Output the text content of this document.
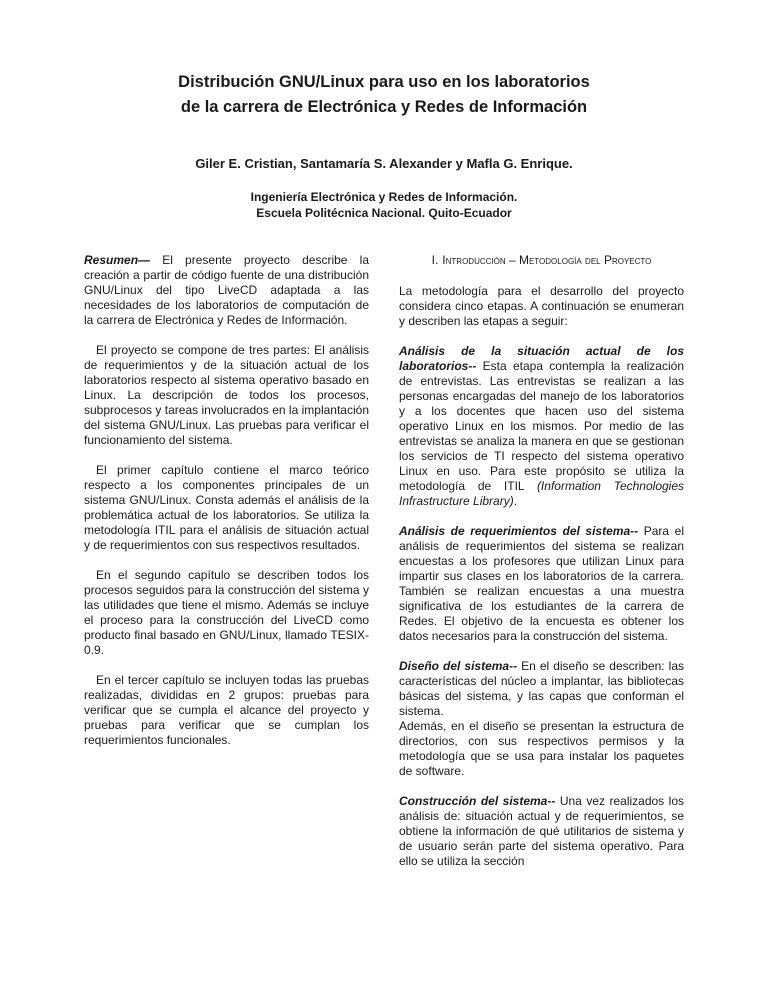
Distribución GNU/Linux para uso en los laboratorios
de la carrera de Electrónica y Redes de Información
Giler E. Cristian, Santamaría S. Alexander y Mafla G. Enrique.
Ingeniería Electrónica y Redes de Información.
Escuela Politécnica Nacional. Quito-Ecuador

Resumen— El presente proyecto describe la creación a partir de código fuente de una distribución GNU/Linux del tipo LiveCD adaptada a las necesidades de los laboratorios de computación de la carrera de Electrónica y Redes de Información.

El proyecto se compone de tres partes: El análisis de requerimientos y de la situación actual de los laboratorios respecto al sistema operativo basado en Linux. La descripción de todos los procesos, subprocesos y tareas involucrados en la implantación del sistema GNU/Linux. Las pruebas para verificar el funcionamiento del sistema.

El primer capítulo contiene el marco teórico respecto a los componentes principales de un sistema GNU/Linux. Consta además el análisis de la problemática actual de los laboratorios. Se utiliza la metodología ITIL para el análisis de situación actual y de requerimientos con sus respectivos resultados.

En el segundo capítulo se describen todos los procesos seguidos para la construcción del sistema y las utilidades que tiene el mismo. Además se incluye el proceso para la construcción del LiveCD como producto final basado en GNU/Linux, llamado TESIX-0.9.

En el tercer capítulo se incluyen todas las pruebas realizadas, divididas en 2 grupos: pruebas para verificar que se cumpla el alcance del proyecto y pruebas para verificar que se cumplan los requerimientos funcionales.

I. Introducción – Metodología del Proyecto

La metodología para el desarrollo del proyecto considera cinco etapas. A continuación se enumeran y describen las etapas a seguir:

Análisis de la situación actual de los laboratorios-- Esta etapa contempla la realización de entrevistas. Las entrevistas se realizan a las personas encargadas del manejo de los laboratorios y a los docentes que hacen uso del sistema operativo Linux en los mismos. Por medio de las entrevistas se analiza la manera en que se gestionan los servicios de TI respecto del sistema operativo Linux en uso. Para este propósito se utiliza la metodología de ITIL (Information Technologies Infrastructure Library).

Análisis de requerimientos del sistema-- Para el análisis de requerimientos del sistema se realizan encuestas a los profesores que utilizan Linux para impartir sus clases en los laboratorios de la carrera. También se realizan encuestas a una muestra significativa de los estudiantes de la carrera de Redes. El objetivo de la encuesta es obtener los datos necesarios para la construcción del sistema.

Diseño del sistema-- En el diseño se describen: las características del núcleo a implantar, las bibliotecas básicas del sistema, y las capas que conforman el sistema.
Además, en el diseño se presentan la estructura de directorios, con sus respectivos permisos y la metodología que se usa para instalar los paquetes de software.

Construcción del sistema-- Una vez realizados los análisis de: situación actual y de requerimientos, se obtiene la información de qué utilitarios de sistema y de usuario serán parte del sistema operativo. Para ello se utiliza la sección
